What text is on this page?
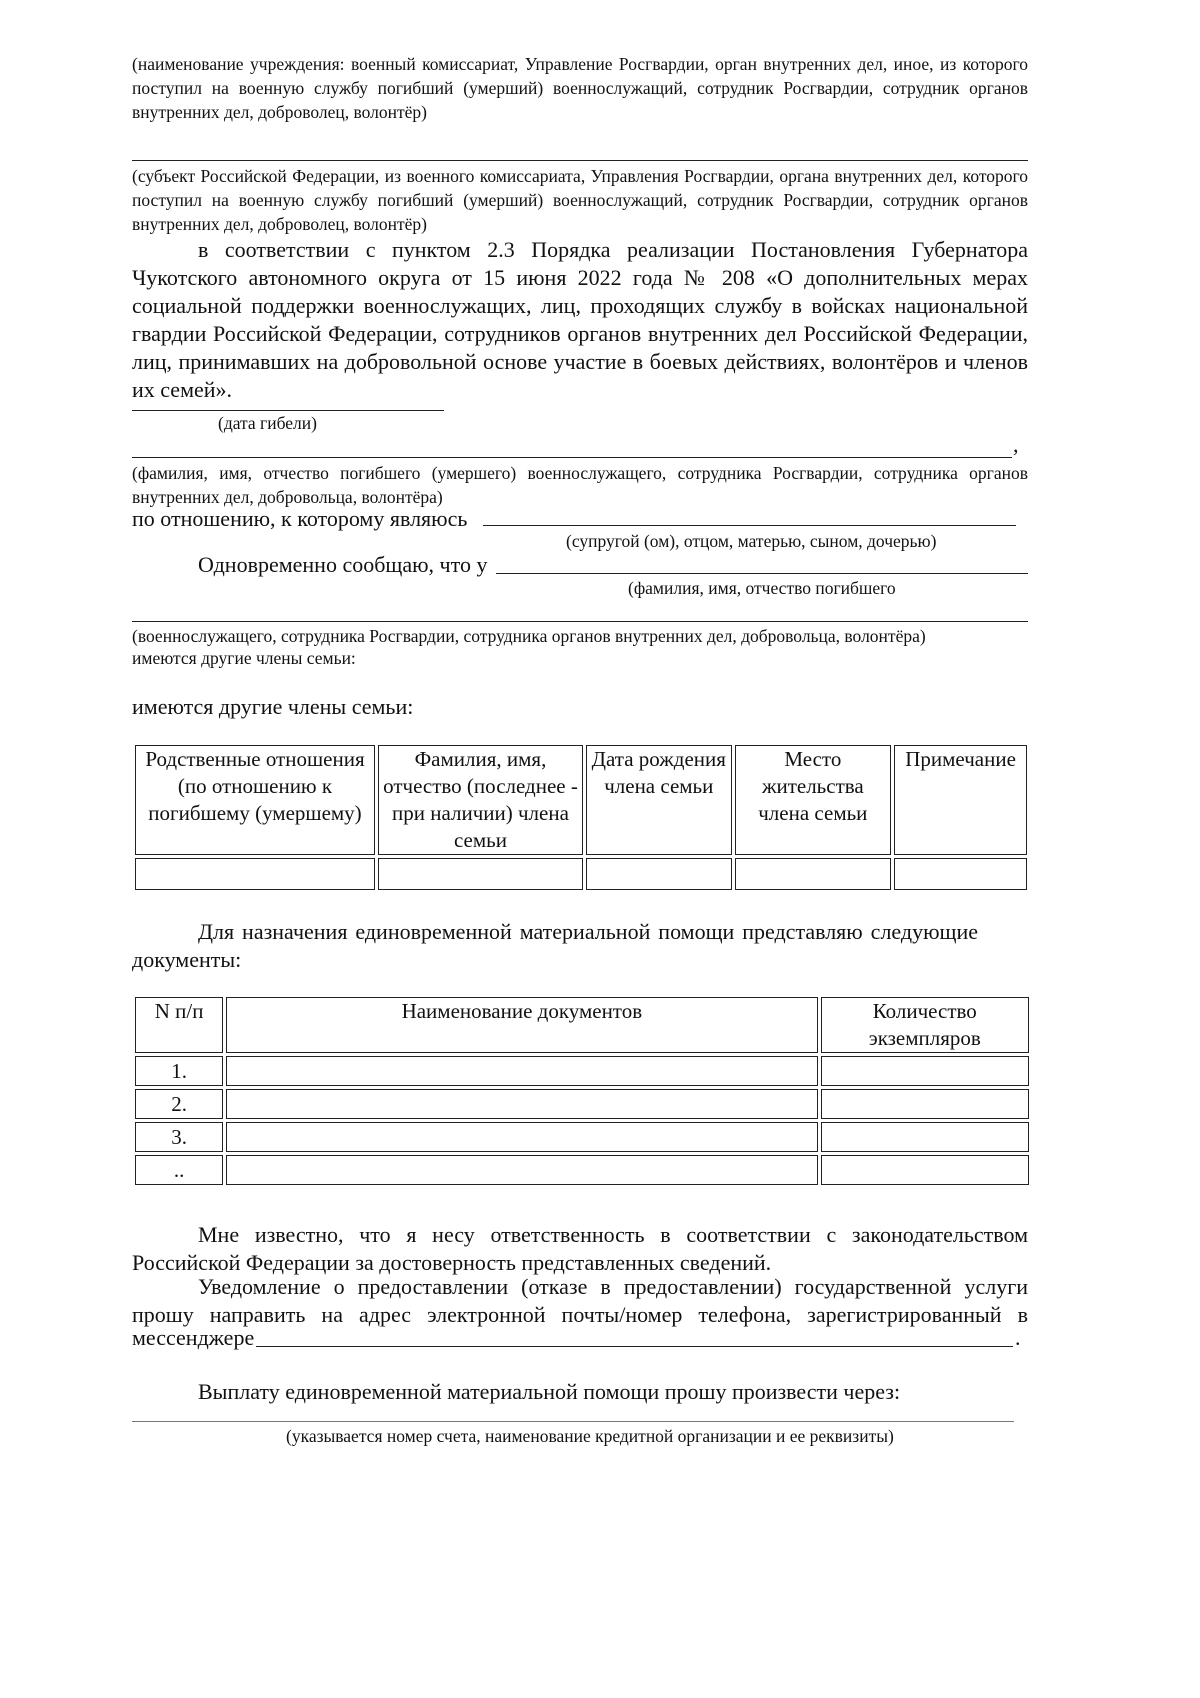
(наименование учреждения: военный комиссариат, Управление Росгвардии, орган внутренних дел, иное, из которого поступил на военную службу погибший (умерший) военнослужащий, сотрудник Росгвардии, сотрудник органов внутренних дел, доброволец, волонтёр)
(субъект Российской Федерации, из военного комиссариата, Управления Росгвардии, органа внутренних дел, которого поступил на военную службу погибший (умерший) военнослужащий, сотрудник Росгвардии, сотрудник органов внутренних дел, доброволец, волонтёр)
в соответствии с пунктом 2.3 Порядка реализации Постановления Губернатора Чукотского автономного округа от 15 июня 2022 года № 208 «О дополнительных мерах социальной поддержки военнослужащих, лиц, проходящих службу в войсках национальной гвардии Российской Федерации, сотрудников органов внутренних дел Российской Федерации, лиц, принимавших на добровольной основе участие в боевых действиях, волонтёров и членов их семей».
(дата гибели)
,
(фамилия, имя, отчество погибшего (умершего) военнослужащего, сотрудника Росгвардии, сотрудника органов внутренних дел, добровольца, волонтёра)
по отношению, к которому являюсь
(супругой (ом), отцом, матерью, сыном, дочерью)
Одновременно сообщаю, что у
(фамилия, имя, отчество погибшего
(военнослужащего, сотрудника Росгвардии, сотрудника органов внутренних дел, добровольца, волонтёра)
имеются другие члены семьи:
имеются другие члены семьи:
Родственные отношения (по отношению к погибшему (умершему)	Фамилия, имя, отчество (последнее - при наличии) члена семьи	Дата рождения члена семьи	Место жительства члена семьи	Примечание

Для назначения единовременной материальной помощи представляю следующие документы:
N п/п	Наименование документов	Количество экземпляров
1.		
2.		
3.		
..		
Мне известно, что я несу ответственность в соответствии с законодательством Российской Федерации за достоверность представленных сведений.
Уведомление о предоставлении (отказе в предоставлении) государственной услуги прошу направить на адрес электронной почты/номер телефона, зарегистрированный в
мессенджере	.
Выплату единовременной материальной помощи прошу произвести через:
(указывается номер счета, наименование кредитной организации и ее реквизиты)
